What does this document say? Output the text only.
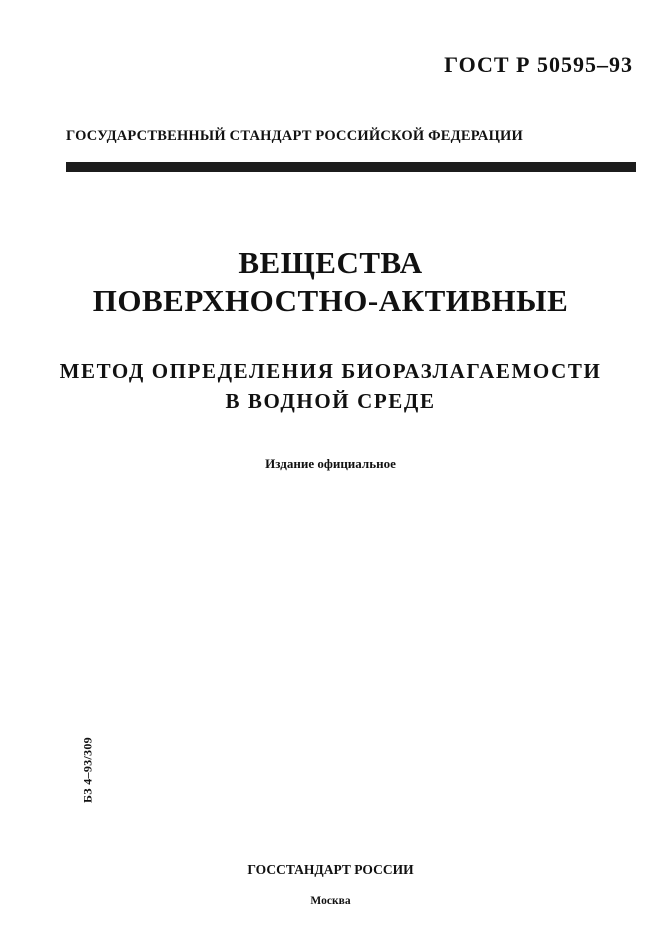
ГОСТ Р 50595–93
ГОСУДАРСТВЕННЫЙ СТАНДАРТ РОССИЙСКОЙ ФЕДЕРАЦИИ
ВЕЩЕСТВА
ПОВЕРХНОСТНО-АКТИВНЫЕ
МЕТОД ОПРЕДЕЛЕНИЯ БИОРАЗЛАГАЕМОСТИ
В ВОДНОЙ СРЕДЕ
Издание официальное
БЗ 4–93/309
ГОССТАНДАРТ РОССИИ
Москва
